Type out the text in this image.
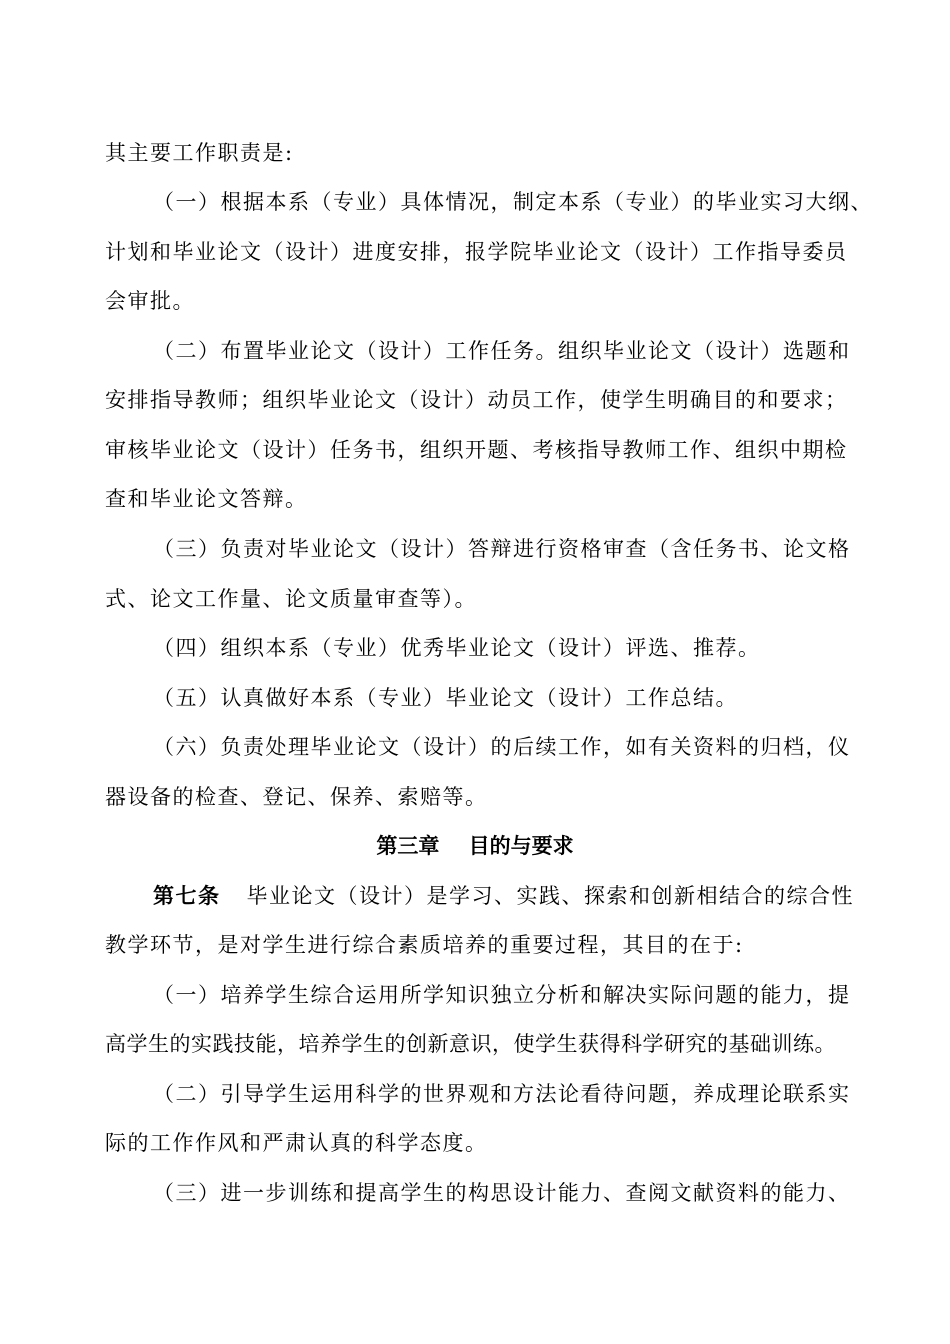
其主要工作职责是:
（一）根据本系（专业）具体情况，制定本系（专业）的毕业实习大纲、
计划和毕业论文（设计）进度安排，报学院毕业论文（设计）工作指导委员
会审批。
（二）布置毕业论文（设计）工作任务。组织毕业论文（设计）选题和
安排指导教师；组织毕业论文（设计）动员工作，使学生明确目的和要求；
审核毕业论文（设计）任务书，组织开题、考核指导教师工作、组织中期检
查和毕业论文答辩。
（三）负责对毕业论文（设计）答辩进行资格审查（含任务书、论文格
式、论文工作量、论文质量审查等）。
（四）组织本系（专业）优秀毕业论文（设计）评选、推荐。
（五）认真做好本系（专业）毕业论文（设计）工作总结。
（六）负责处理毕业论文（设计）的后续工作，如有关资料的归档，仪
器设备的检查、登记、保养、索赔等。
第三章    目的与要求
第七条 毕业论文（设计）是学习、实践、探索和创新相结合的综合性
教学环节，是对学生进行综合素质培养的重要过程，其目的在于:
（一）培养学生综合运用所学知识独立分析和解决实际问题的能力，提
高学生的实践技能，培养学生的创新意识，使学生获得科学研究的基础训练。
（二）引导学生运用科学的世界观和方法论看待问题，养成理论联系实
际的工作作风和严肃认真的科学态度。
（三）进一步训练和提高学生的构思设计能力、查阅文献资料的能力、
